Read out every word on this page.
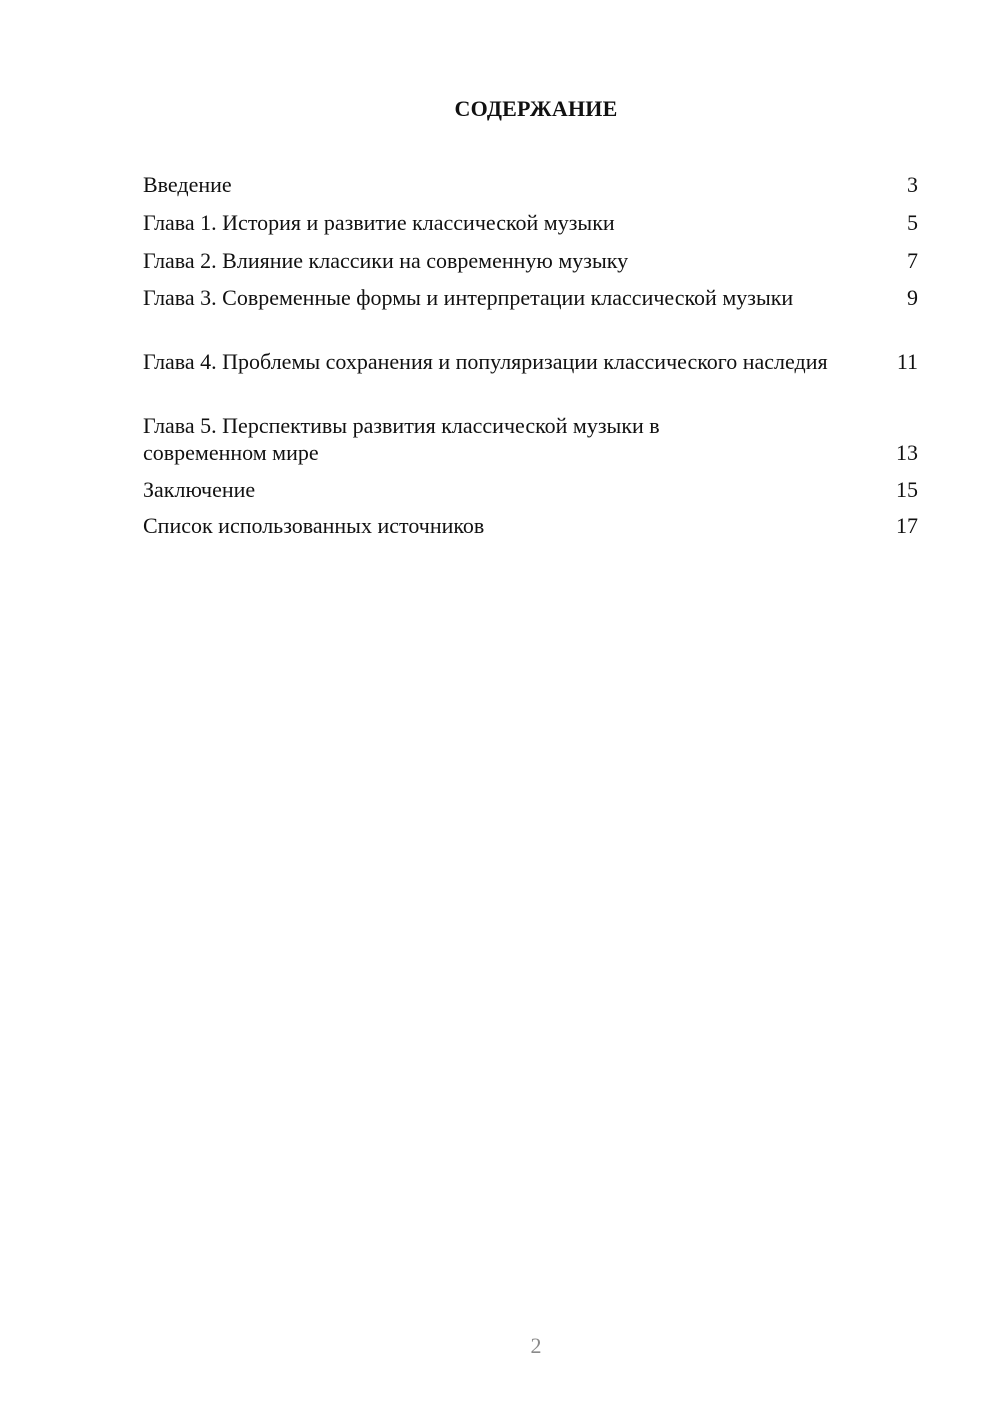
СОДЕРЖАНИЕ
Введение	3
Глава 1. История и развитие классической музыки	5
Глава 2. Влияние классики на современную музыку	7
Глава 3. Современные формы и интерпретации классической музыки	9
Глава 4. Проблемы сохранения и популяризации классического наследия	11
Глава 5. Перспективы развития классической музыки в современном мире	13
Заключение	15
Список использованных источников	17
2
